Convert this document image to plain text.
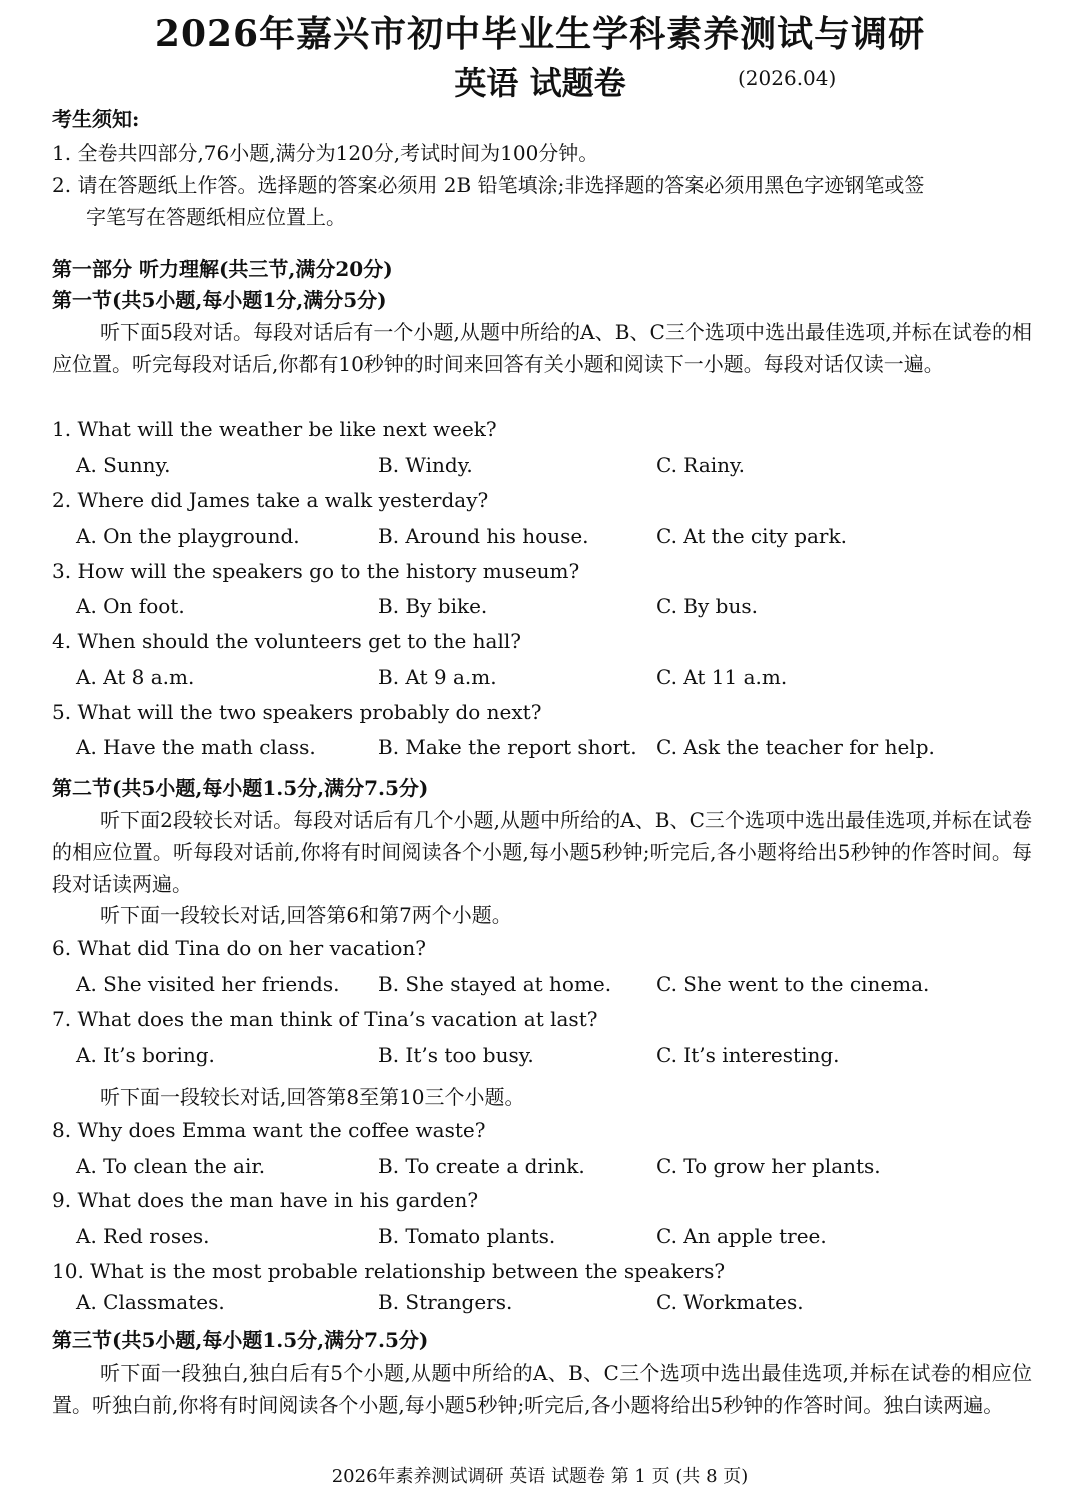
2026年嘉兴市初中毕业生学科素养测试与调研
英语 试题卷	(2026.04)
考生须知:
1. 全卷共四部分,76小题,满分为120分,考试时间为100分钟。
2. 请在答题纸上作答。选择题的答案必须用 2B 铅笔填涂;非选择题的答案必须用黑色字迹钢笔或签
字笔写在答题纸相应位置上。
第一部分 听力理解(共三节,满分20分)
第一节(共5小题,每小题1分,满分5分)
听下面5段对话。每段对话后有一个小题,从题中所给的A、B、C三个选项中选出最佳选项,并标在试卷的相应位置。听完每段对话后,你都有10秒钟的时间来回答有关小题和阅读下一小题。每段对话仅读一遍。
1. What will the weather be like next week?
A. Sunny.	B. Windy.	C. Rainy.
2. Where did James take a walk yesterday?
A. On the playground.	B. Around his house.	C. At the city park.
3. How will the speakers go to the history museum?
A. On foot.	B. By bike.	C. By bus.
4. When should the volunteers get to the hall?
A. At 8 a.m.	B. At 9 a.m.	C. At 11 a.m.
5. What will the two speakers probably do next?
A. Have the math class.	B. Make the report short. C. Ask the teacher for help.
第二节(共5小题,每小题1.5分,满分7.5分)
听下面2段较长对话。每段对话后有几个小题,从题中所给的A、B、C三个选项中选出最佳选项,并标在试卷的相应位置。听每段对话前,你将有时间阅读各个小题,每小题5秒钟;听完后,各小题将给出5秒钟的作答时间。每段对话读两遍。
听下面一段较长对话,回答第6和第7两个小题。
6. What did Tina do on her vacation?
A. She visited her friends. B. She stayed at home. C. She went to the cinema.
7. What does the man think of Tina’s vacation at last?
A. It’s boring.	B. It’s too busy.	C. It’s interesting.
听下面一段较长对话,回答第8至第10三个小题。
8. Why does Emma want the coffee waste?
A. To clean the air.	B. To create a drink.	C. To grow her plants.
9. What does the man have in his garden?
A. Red roses.	B. Tomato plants.	C. An apple tree.
10. What is the most probable relationship between the speakers?
A. Classmates.	B. Strangers.	C. Workmates.
第三节(共5小题,每小题1.5分,满分7.5分)
听下面一段独白,独白后有5个小题,从题中所给的A、B、C三个选项中选出最佳选项,并标在试卷的相应位置。听独白前,你将有时间阅读各个小题,每小题5秒钟;听完后,各小题将给出5秒钟的作答时间。独白读两遍。
2026年素养测试调研 英语 试题卷 第 1 页 (共 8 页)
